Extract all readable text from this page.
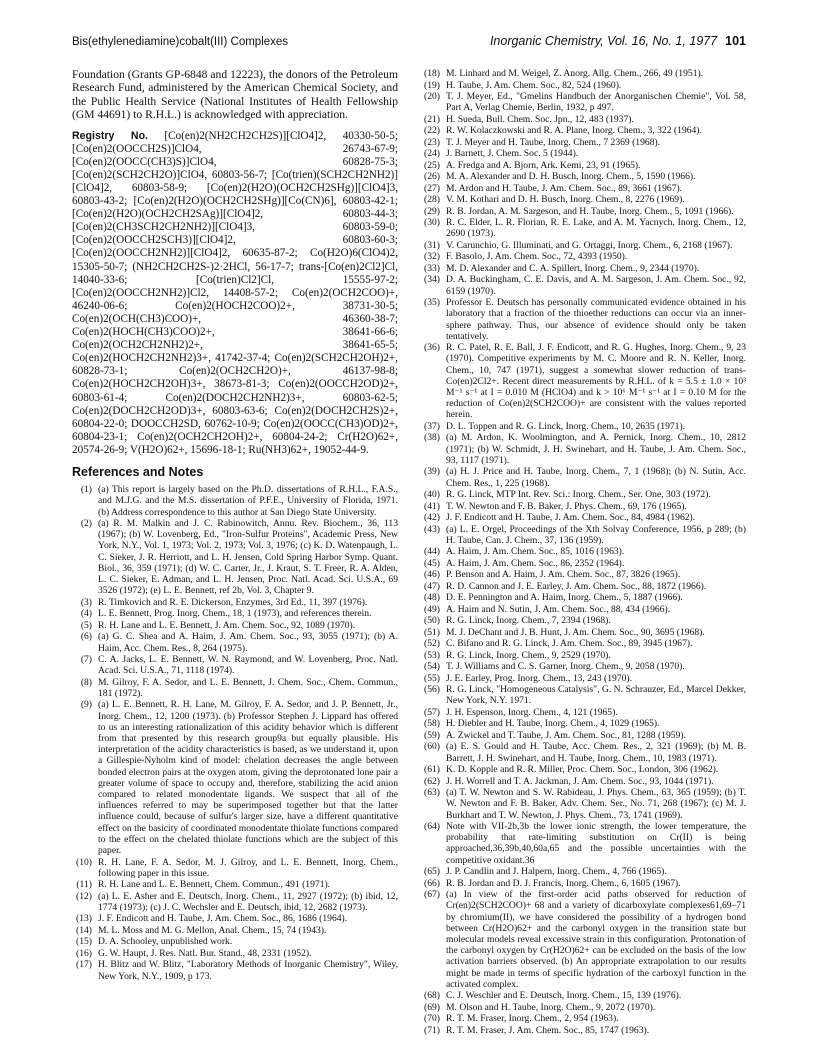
Bis(ethylenediamine)cobalt(III) Complexes	Inorganic Chemistry, Vol. 16, No. 1, 1977 101

Foundation (Grants GP-6848 and 12223), the donors of the Petroleum Research Fund, administered by the American Chemical Society, and the Public Health Service (National Institutes of Health Fellowship (GM 44691) to R.H.L.) is acknowledged with appreciation.

Registry No. [Co(en)2(NH2CH2CH2S)][ClO4]2, 40330-50-5; [Co(en)2(OOCCH2S)]ClO4, 26743-67-9; [Co(en)2(OOCC(CH3)S)]ClO4, 60828-75-3; [Co(en)2(SCH2CH2O)]ClO4, 60803-56-7; [Co(trien)(SCH2CH2NH2)][ClO4]2, 60803-58-9; [Co(en)2(H2O)(OCH2CH2SHg)][ClO4]3, 60803-43-2; [Co(en)2(H2O)(OCH2CH2SHg)][Co(CN)6], 60803-42-1; [Co(en)2(H2O)(OCH2CH2SAg)][ClO4]2, 60803-44-3; [Co(en)2(CH3SCH2CH2NH2)][ClO4]3, 60803-59-0; [Co(en)2(OOCCH2SCH3)][ClO4]2, 60803-60-3; [Co(en)2(OOCCH2NH2)][ClO4]2, 60635-87-2; Co(H2O)6(ClO4)2, 15305-50-7; (NH2CH2CH2S-)2·2HCl, 56-17-7; trans-[Co(en)2Cl2]Cl, 14040-33-6; [Co(trien)Cl2]Cl, 15555-97-2; [Co(en)2(OOCCH2NH2)]Cl2, 14408-57-2; Co(en)2(OCH2COO)+, 46240-06-6; Co(en)2(HOCH2COO)2+, 38731-30-5; Co(en)2(OCH(CH3)COO)+, 46360-38-7; Co(en)2(HOCH(CH3)COO)2+, 38641-66-6; Co(en)2(OCH2CH2NH2)2+, 38641-65-5; Co(en)2(HOCH2CH2NH2)3+, 41742-37-4; Co(en)2(SCH2CH2OH)2+, 60828-73-1; Co(en)2(OCH2CH2O)+, 46137-98-8; Co(en)2(HOCH2CH2OH)3+, 38673-81-3; Co(en)2(OOCCH2OD)2+, 60803-61-4; Co(en)2(DOCH2CH2NH2)3+, 60803-62-5; Co(en)2(DOCH2CH2OD)3+, 60803-63-6; Co(en)2(DOCH2CH2S)2+, 60804-22-0; DOOCCH2SD, 60762-10-9; Co(en)2(OOCC(CH3)OD)2+, 60804-23-1; Co(en)2(OCH2CH2OH)2+, 60804-24-2; Cr(H2O)62+, 20574-26-9; V(H2O)62+, 15696-18-1; Ru(NH3)62+, 19052-44-9.

References and Notes
(1) (a) This report is largely based on the Ph.D. dissertations of R.H.L., F.A.S., and M.J.G. and the M.S. dissertation of P.F.E., University of Florida, 1971. (b) Address correspondence to this author at San Diego State University.
(2) (a) R. M. Malkin and J. C. Rabinowitch, Annu. Rev. Biochem., 36, 113 (1967); (b) W. Lovenberg, Ed., "Iron-Sulfur Proteins", Academic Press, New York, N.Y., Vol. 1, 1973; Vol. 2, 1973; Vol. 3, 1976; (c) K. D. Watenpaugh, L. C. Sieker, J. R. Herriott, and L. H. Jensen, Cold Spring Harbor Symp. Quant. Biol., 36, 359 (1971); (d) W. C. Carter, Jr., J. Kraut, S. T. Freer, R. A. Alden, L. C. Sieker, E. Adman, and L. H. Jensen, Proc. Natl. Acad. Sci. U.S.A., 69 3526 (1972); (e) L. E. Bennett, ref 2b, Vol. 3, Chapter 9.
(3) R. Timkovich and R. E. Dickerson, Enzymes, 3rd Ed., 11, 397 (1976).
(4) L. E. Bennett, Prog. Inorg. Chem., 18, 1 (1973), and references therein.
(5) R. H. Lane and L. E. Bennett, J. Am. Chem. Soc., 92, 1089 (1970).
(6) (a) G. C. Shea and A. Haim, J. Am. Chem. Soc., 93, 3055 (1971); (b) A. Haim, Acc. Chem. Res., 8, 264 (1975).
(7) C. A. Jacks, L. E. Bennett, W. N. Raymond, and W. Lovenberg, Proc. Natl. Acad. Sci. U.S.A., 71, 1118 (1974).
(8) M. Gilroy, F. A. Sedor, and L. E. Bennett, J. Chem. Soc., Chem. Commun., 181 (1972).
(9) (a) L. E. Bennett, R. H. Lane, M. Gilroy, F. A. Sedor, and J. P. Bennett, Jr., Inorg. Chem., 12, 1200 (1973). (b) Professor Stephen J. Lippard has offered to us an interesting rationalization of this acidity behavior which is different from that presented by this research group9a but equally plausible. His interpretation of the acidity characteristics is based, as we understand it, upon a Gillespie-Nyholm kind of model: chelation decreases the angle between bonded electron pairs at the oxygen atom, giving the deprotonated lone pair a greater volume of space to occupy and, therefore, stabilizing the acid anion compared to related monodentate ligands. We suspect that all of the influences referred to may be superimposed together but that the latter influence could, because of sulfur's larger size, have a different quantitative effect on the basicity of coordinated monodentate thiolate functions compared to the effect on the chelated thiolate functions which are the subject of this paper.
(10) R. H. Lane, F. A. Sedor, M. J. Gilroy, and L. E. Bennett, Inorg. Chem., following paper in this issue.
(11) R. H. Lane and L. E. Bennett, Chem. Commun., 491 (1971).
(12) (a) L. E. Asher and E. Deutsch, Inorg. Chem., 11, 2927 (1972); (b) ibid, 12, 1774 (1973); (c) J. C. Wechsler and E. Deutsch, ibid, 12, 2682 (1973).
(13) J. F. Endicott and H. Taube, J. Am. Chem. Soc., 86, 1686 (1964).
(14) M. L. Moss and M. G. Mellon, Anal. Chem., 15, 74 (1943).
(15) D. A. Schooley, unpublished work.
(16) G. W. Haupt, J. Res. Natl. Bur. Stand., 48, 2331 (1952).
(17) H. Blitz and W. Blitz, "Laboratory Methods of Inorganic Chemistry", Wiley, New York, N.Y., 1909, p 173.
(18) M. Linhard and M. Weigel, Z. Anorg. Allg. Chem., 266, 49 (1951).
(19) H. Taube, J. Am. Chem. Soc., 82, 524 (1960).
(20) T. J. Meyer, Ed., "Gmelins Handbuch der Anorganischen Chemie", Vol. 58, Part A, Verlag Chemie, Berlin, 1932, p 497.
(21) H. Sueda, Bull. Chem. Soc. Jpn., 12, 483 (1937).
(22) R. W. Kolaczkowski and R. A. Plane, Inorg. Chem., 3, 322 (1964).
(23) T. J. Meyer and H. Taube, Inorg. Chem., 7 2369 (1968).
(24) J. Barnett, J. Chem. Soc. 5 (1944).
(25) A. Fredga and A. Bjorn, Ark. Kemi, 23, 91 (1965).
(26) M. A. Alexander and D. H. Busch, Inorg. Chem., 5, 1590 (1966).
(27) M. Ardon and H. Taube, J. Am. Chem. Soc., 89, 3661 (1967).
(28) V. M. Kothari and D. H. Busch, Inorg. Chem., 8, 2276 (1969).
(29) R. B. Jordan, A. M. Sargeson, and H. Taube, Inorg. Chem., 5, 1091 (1966).
(30) R. C. Elder, L. R. Florian, R. E. Lake, and A. M. Yacnych, Inorg. Chem., 12, 2690 (1973).
(31) V. Carunchio, G. Illuminati, and G. Ortaggi, Inorg. Chem., 6, 2168 (1967).
(32) F. Basolo, J. Am. Chem. Soc., 72, 4393 (1950).
(33) M. D. Alexander and C. A. Spillert, Inorg. Chem., 9, 2344 (1970).
(34) D. A. Buckingham, C. E. Davis, and A. M. Sargeson, J. Am. Chem. Soc., 92, 6159 (1970).
(35) Professor E. Deutsch has personally communicated evidence obtained in his laboratory that a fraction of the thioether reductions can occur via an inner-sphere pathway. Thus, our absence of evidence should only be taken tentatively.
(36) R. C. Patel, R. E. Ball, J. F. Endicott, and R. G. Hughes, Inorg. Chem., 9, 23 (1970). Competitive experiments by M. C. Moore and R. N. Keller, Inorg. Chem., 10, 747 (1971), suggest a somewhat slower reduction of trans-Co(en)2Cl2+. Recent direct measurements by R.H.L. of k = 5.5 ± 1.0 × 10³ M⁻¹ s⁻¹ at I = 0.010 M (HClO4) and k > 10⁶ M⁻¹ s⁻¹ at I = 0.10 M for the reduction of Co(en)2(SCH2COO)+ are consistent with the values reported herein.
(37) D. L. Toppen and R. G. Linck, Inorg. Chem., 10, 2635 (1971).
(38) (a) M. Ardon, K. Woolmington, and A. Pernick, Inorg. Chem., 10, 2812 (1971); (b) W. Schmidt, J. H. Swinehart, and H. Taube, J. Am. Chem. Soc., 93, 1117 (1971).
(39) (a) H. J. Price and H. Taube, Inorg. Chem., 7, 1 (1968); (b) N. Sutin, Acc. Chem. Res., 1, 225 (1968).
(40) R. G. Linck, MTP Int. Rev. Sci.: Inorg. Chem., Ser. One, 303 (1972).
(41) T. W. Newton and F. B. Baker, J. Phys. Chem., 69, 176 (1965).
(42) J. F. Endicott and H. Taube, J. Am. Chem. Soc., 84, 4984 (1962).
(43) (a) L. E. Orgel, Proceedings of the Xth Solvay Conference, 1956, p 289; (b) H. Taube, Can. J. Chem., 37, 136 (1959).
(44) A. Haim, J. Am. Chem. Soc., 85, 1016 (1963).
(45) A. Haim, J. Am. Chem. Soc., 86, 2352 (1964).
(46) P. Benson and A. Haim, J. Am. Chem. Soc., 87, 3826 (1965).
(47) R. D. Cannon and J. E. Earley, J. Am. Chem. Soc., 88, 1872 (1966).
(48) D. E. Pennington and A. Haim, Inorg. Chem., 5, 1887 (1966).
(49) A. Haim and N. Sutin, J. Am. Chem. Soc., 88, 434 (1966).
(50) R. G. Linck, Inorg. Chem., 7, 2394 (1968).
(51) M. J. DeChant and J. B. Hunt, J. Am. Chem. Soc., 90, 3695 (1968).
(52) C. Bifano and R. G. Linck, J. Am. Chem. Soc., 89, 3945 (1967).
(53) R. G. Linck, Inorg. Chem., 9, 2529 (1970).
(54) T. J. Williams and C. S. Garner, Inorg. Chem., 9, 2058 (1970).
(55) J. E. Earley, Prog. Inorg. Chem., 13, 243 (1970).
(56) R. G. Linck, "Homogeneous Catalysis", G. N. Schrauzer, Ed., Marcel Dekker, New York, N.Y. 1971.
(57) J. H. Espenson, Inorg. Chem., 4, 121 (1965).
(58) H. Diebler and H. Taube, Inorg. Chem., 4, 1029 (1965).
(59) A. Zwickel and T. Taube, J. Am. Chem. Soc., 81, 1288 (1959).
(60) (a) E. S. Gould and H. Taube, Acc. Chem. Res., 2, 321 (1969); (b) M. B. Barrett, J. H. Swinehart, and H. Taube, Inorg. Chem., 10, 1983 (1971).
(61) K. D. Kopple and R. R. Miller, Proc. Chem. Soc., London, 306 (1962).
(62) J. H. Worrell and T. A. Jackman, J. Am. Chem. Soc., 93, 1044 (1971).
(63) (a) T. W. Newton and S. W. Rabideau, J. Phys. Chem., 63, 365 (1959); (b) T. W. Newton and F. B. Baker, Adv. Chem. Ser., No. 71, 268 (1967); (c) M. J. Burkhart and T. W. Newton, J. Phys. Chem., 73, 1741 (1969).
(64) Note with VII-2b,3b the lower ionic strength, the lower temperature, the probability that rate-limiting substitution on Cr(II) is being approached,36,39b,40,60a,65 and the possible uncertainties with the competitive oxidant.36
(65) J. P. Candlin and J. Halpern, Inorg. Chem., 4, 766 (1965).
(66) R. B. Jordan and D. J. Francis, Inorg. Chem., 6, 1605 (1967).
(67) (a) In view of the first-order acid paths observed for reduction of Cr(en)2(SCH2COO)+ 68 and a variety of dicarboxylate complexes61,69–71 by chromium(II), we have considered the possibility of a hydrogen bond between Cr(H2O)62+ and the carbonyl oxygen in the transition state but molecular models reveal excessive strain in this configuration. Protonation of the carbonyl oxygen by Cr(H2O)62+ can be excluded on the basis of the low activation barriers observed. (b) An appropriate extrapolation to our results might be made in terms of specific hydration of the carboxyl function in the activated complex.
(68) C. J. Weschler and E. Deutsch, Inorg. Chem., 15, 139 (1976).
(69) M. Olson and H. Taube, Inorg. Chem., 9, 2072 (1970).
(70) R. T. M. Fraser, Inorg. Chem., 2, 954 (1963).
(71) R. T. M. Fraser, J. Am. Chem. Soc., 85, 1747 (1963).
